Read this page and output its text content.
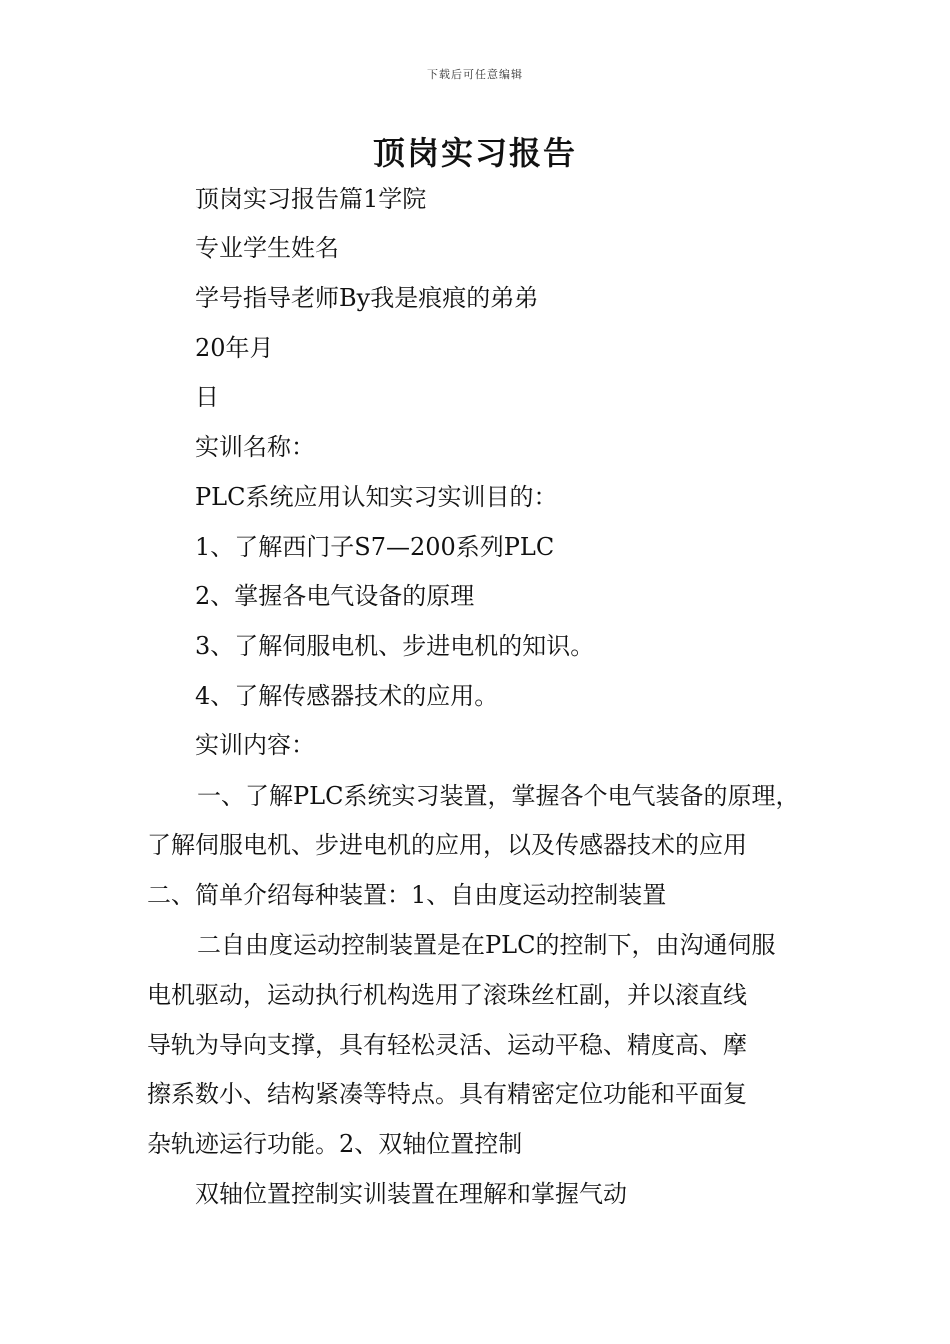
下载后可任意编辑
顶岗实习报告
顶岗实习报告篇1学院
专业学生姓名
学号指导老师By我是痕痕的弟弟
20年月
日
实训名称：
PLC系统应用认知实习实训目的：
1、了解西门子S7—200系列PLC
2、掌握各电气设备的原理
3、了解伺服电机、步进电机的知识。
4、了解传感器技术的应用。
实训内容：
一、了解PLC系统实习装置，掌握各个电气装备的原理，
了解伺服电机、步进电机的应用，以及传感器技术的应用
二、简单介绍每种装置：1、自由度运动控制装置
二自由度运动控制装置是在PLC的控制下，由沟通伺服
电机驱动，运动执行机构选用了滚珠丝杠副，并以滚直线
导轨为导向支撑，具有轻松灵活、运动平稳、精度高、摩
擦系数小、结构紧凑等特点。具有精密定位功能和平面复
杂轨迹运行功能。2、双轴位置控制
双轴位置控制实训装置在理解和掌握气动
